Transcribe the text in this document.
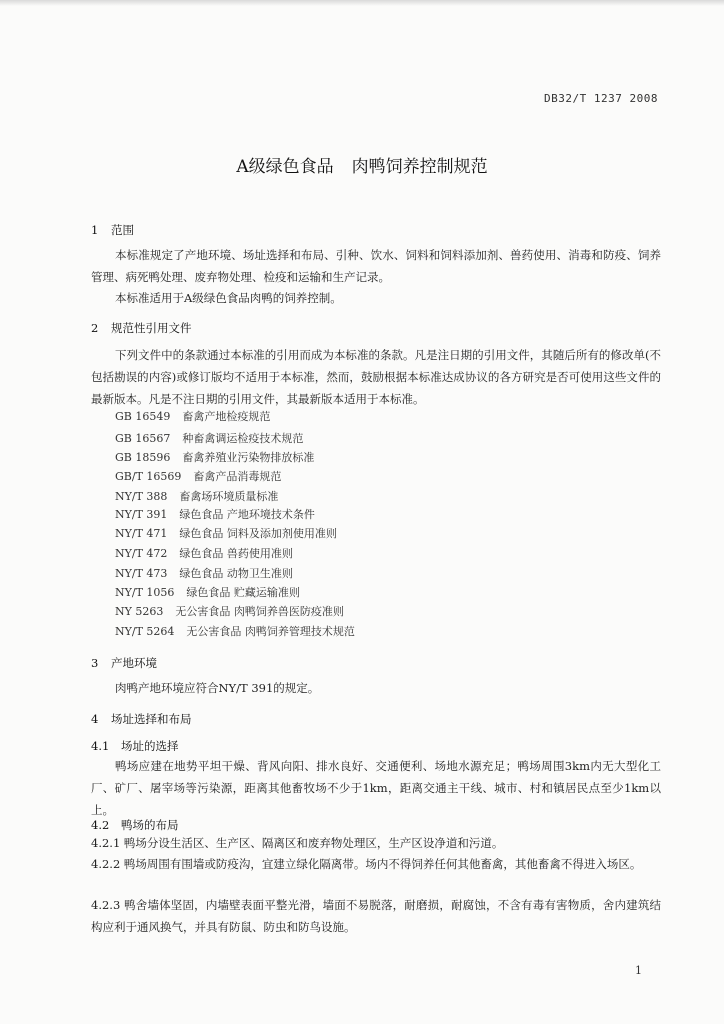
DB32/T 1237 2008
A级绿色食品 肉鸭饲养控制规范
1 范围
本标准规定了产地环境、场址选择和布局、引种、饮水、饲料和饲料添加剂、兽药使用、消毒和防疫、饲养管理、病死鸭处理、废弃物处理、检疫和运输和生产记录。
本标准适用于A级绿色食品肉鸭的饲养控制。
2 规范性引用文件
下列文件中的条款通过本标准的引用而成为本标准的条款。凡是注日期的引用文件，其随后所有的修改单(不包括勘误的内容)或修订版均不适用于本标准，然而，鼓励根据本标准达成协议的各方研究是否可使用这些文件的最新版本。凡是不注日期的引用文件，其最新版本适用于本标准。
GB 16549 畜禽产地检疫规范
GB 16567 种畜禽调运检疫技术规范
GB 18596 畜禽养殖业污染物排放标准
GB/T 16569 畜禽产品消毒规范
NY/T 388 畜禽场环境质量标准
NY/T 391 绿色食品 产地环境技术条件
NY/T 471 绿色食品 饲料及添加剂使用准则
NY/T 472 绿色食品 兽药使用准则
NY/T 473 绿色食品 动物卫生准则
NY/T 1056 绿色食品 贮藏运输准则
NY 5263 无公害食品 肉鸭饲养兽医防疫准则
NY/T 5264 无公害食品 肉鸭饲养管理技术规范
3 产地环境
肉鸭产地环境应符合NY/T 391的规定。
4 场址选择和布局
4.1 场址的选择
鸭场应建在地势平坦干燥、背风向阳、排水良好、交通便利、场地水源充足；鸭场周围3km内无大型化工厂、矿厂、屠宰场等污染源，距离其他畜牧场不少于1km，距离交通主干线、城市、村和镇居民点至少1km以上。
4.2 鸭场的布局
4.2.1 鸭场分设生活区、生产区、隔离区和废弃物处理区，生产区设净道和污道。
4.2.2 鸭场周围有围墙或防疫沟，宜建立绿化隔离带。场内不得饲养任何其他畜禽，其他畜禽不得进入场区。
4.2.3 鸭舍墙体坚固，内墙壁表面平整光滑，墙面不易脱落，耐磨损，耐腐蚀，不含有毒有害物质，舍内建筑结构应利于通风换气，并具有防鼠、防虫和防鸟设施。
1
